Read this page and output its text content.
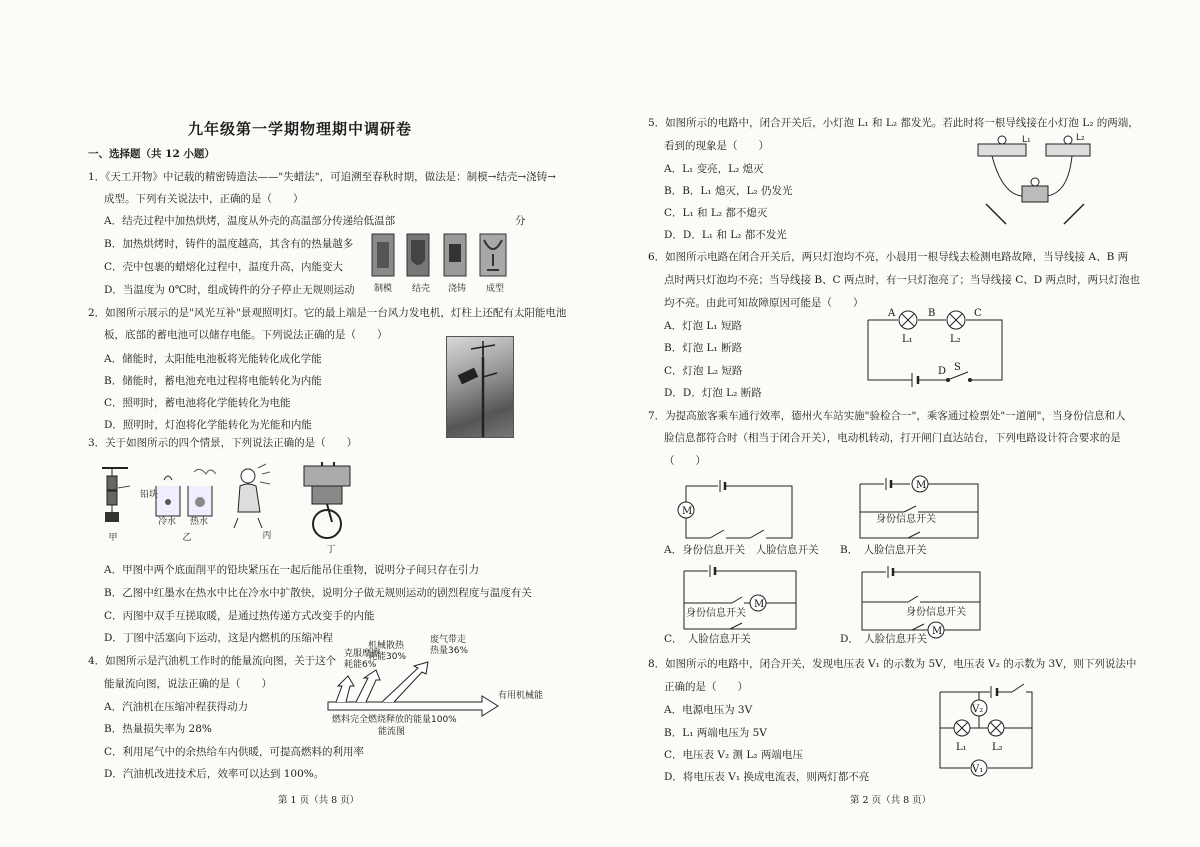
九年级第一学期物理期中调研卷
一、选择题（共 12 小题）
1．《天工开物》中记载的精密铸造法——"失蜡法"，可追溯至春秋时期，做法是：制模→结壳→浇铸→
成型。下列有关说法中，正确的是（　　）
A．结壳过程中加热烘烤，温度从外壳的高温部分传递给低温部	分
B．加热烘烤时，铸件的温度越高，其含有的热量越多
C．壳中包裹的蜡熔化过程中，温度升高，内能变大
D．当温度为 0℃时，组成铸件的分子停止无规则运动	制模	结壳	浇铸	成型
2．如图所示展示的是"风光互补"景观照明灯。它的最上端是一台风力发电机，灯柱上还配有太阳能电池
板，底部的蓄电池可以储存电能。下列说法正确的是（　　）
A．储能时，太阳能电池板将光能转化成化学能
B．储能时，蓄电池充电过程将电能转化为内能
C．照明时，蓄电池将化学能转化为电能
D．照明时，灯泡将化学能转化为光能和内能
3．关于如图所示的四个情景，下列说法正确的是（　　）
铅块
冷水	热水
甲	乙	丙
丁
A．甲图中两个底面削平的铅块紧压在一起后能吊住重物，说明分子间只存在引力
B．乙图中红墨水在热水中比在冷水中扩散快，说明分子做无规则运动的剧烈程度与温度有关
C．丙图中双手互搓取暖，是通过热传递方式改变手的内能
D．丁图中活塞向下运动，这是内燃机的压缩冲程
4．如图所示是汽油机工作时的能量流向图，关于这个
能量流向图，说法正确的是（　　）
A．汽油机在压缩冲程获得动力
B．热量损失率为 28%
C．利用尾气中的余热给车内供暖，可提高燃料的利用率
D．汽油机改进技术后，效率可以达到 100%。
燃料完全燃烧释放的能量100%
有用机械能
克服摩擦
耗能6%
机械散热
耗能30%
废气带走
热量36%
能流图
第 1 页（共 8 页）
5．如图所示的电路中，闭合开关后，小灯泡 L₁ 和 L₂ 都发光。若此时将一根导线接在小灯泡 L₂ 的两端，
看到的现象是（　　）
A．L₁ 变亮，L₂ 熄灭
B．B．L₁ 熄灭，L₂ 仍发光
C．L₁ 和 L₂ 都不熄灭
D．D．L₁ 和 L₂ 都不发光
L₁	L₂
6．如图所示电路在闭合开关后，两只灯泡均不亮，小晨用一根导线去检测电路故障，当导线接 A、B 两
点时两只灯泡均不亮；当导线接 B、C 两点时，有一只灯泡亮了；当导线接 C、D 两点时，两只灯泡也
均不亮。由此可知故障原因可能是（　　）
A．灯泡 L₁ 短路
B．灯泡 L₁ 断路
C．灯泡 L₂ 短路
D．D．灯泡 L₂ 断路
A	B	C
D S
L₁	L₂
7．为提高旅客乘车通行效率，德州火车站实施"验检合一"，乘客通过检票处"一道闸"，当身份信息和人
脸信息都符合时（相当于闭合开关），电动机转动，打开闸门直达站台，下列电路设计符合要求的是
（　　）
M
A．身份信息开关　 人脸信息开关
M
身份信息开关
B．　 人脸信息开关
M
身份信息开关
C．　 人脸信息开关
M
身份信息开关
D．　 人脸信息开关
8．如图所示的电路中，闭合开关，发现电压表 V₁ 的示数为 5V，电压表 V₂ 的示数为 3V，则下列说法中
正确的是（　　）
A．电源电压为 3V
B．L₁ 两端电压为 5V
C．电压表 V₂ 测 L₂ 两端电压
D．将电压表 V₁ 换成电流表，则两灯都不亮
V₂
V₁
L₁	L₂
第 2 页（共 8 页）
